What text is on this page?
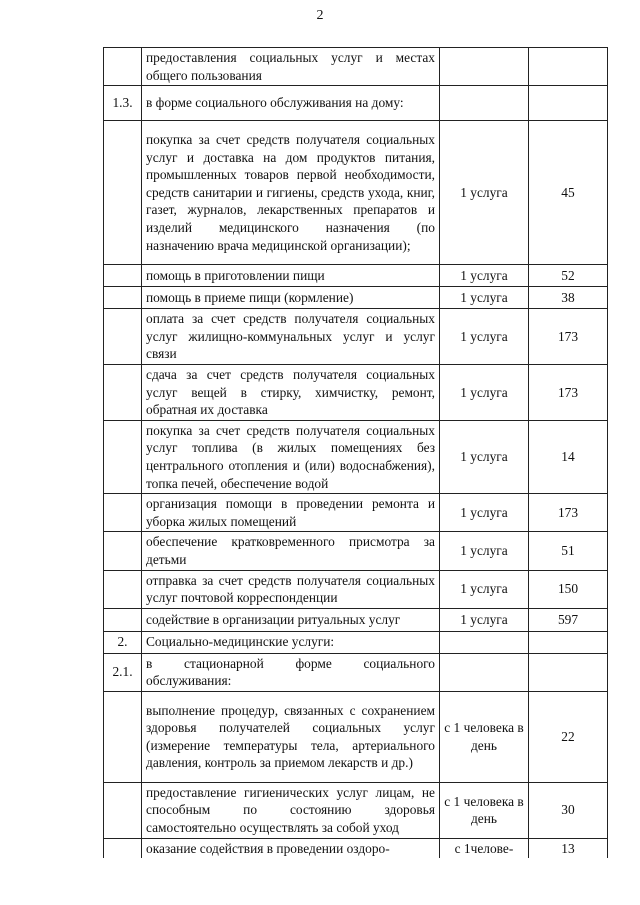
2
	предоставления социальных услуг и местах общего пользования		
1.3.	в форме социального обслуживания на дому:		
	покупка за счет средств получателя социальных услуг и доставка на дом продуктов питания, промышленных товаров первой необходимости, средств санитарии и гигиены, средств ухода, книг, газет, журналов, лекарственных препаратов и изделий медицинского назначения (по назначению врача медицинской организации);	1 услуга	45
	помощь в приготовлении пищи	1 услуга	52
	помощь в приеме пищи (кормление)	1 услуга	38
	оплата за счет средств получателя социальных услуг жилищно-коммунальных услуг и услуг связи	1 услуга	173
	сдача за счет средств получателя социальных услуг вещей в стирку, химчистку, ремонт, обратная их доставка	1 услуга	173
	покупка за счет средств получателя социальных услуг топлива (в жилых помещениях без центрального отопления и (или) водоснабжения), топка печей, обеспечение водой	1 услуга	14
	организация помощи в проведении ремонта и уборка жилых помещений	1 услуга	173
	обеспечение кратковременного присмотра за детьми	1 услуга	51
	отправка за счет средств получателя социальных услуг почтовой корреспонденции	1 услуга	150
	содействие в организации ритуальных услуг	1 услуга	597
2.	Социально-медицинские услуги:		
2.1.	в стационарной форме социального обслуживания:		
	выполнение процедур, связанных с сохранением здоровья получателей социальных услуг (измерение температуры тела, артериального давления, контроль за приемом лекарств и др.)	с 1 человека в день	22
	предоставление гигиенических услуг лицам, не способным по состоянию здоровья самостоятельно осуществлять за собой уход	с 1 человека в день	30
	оказание содействия в проведении оздоро-	с 1челове-	13
